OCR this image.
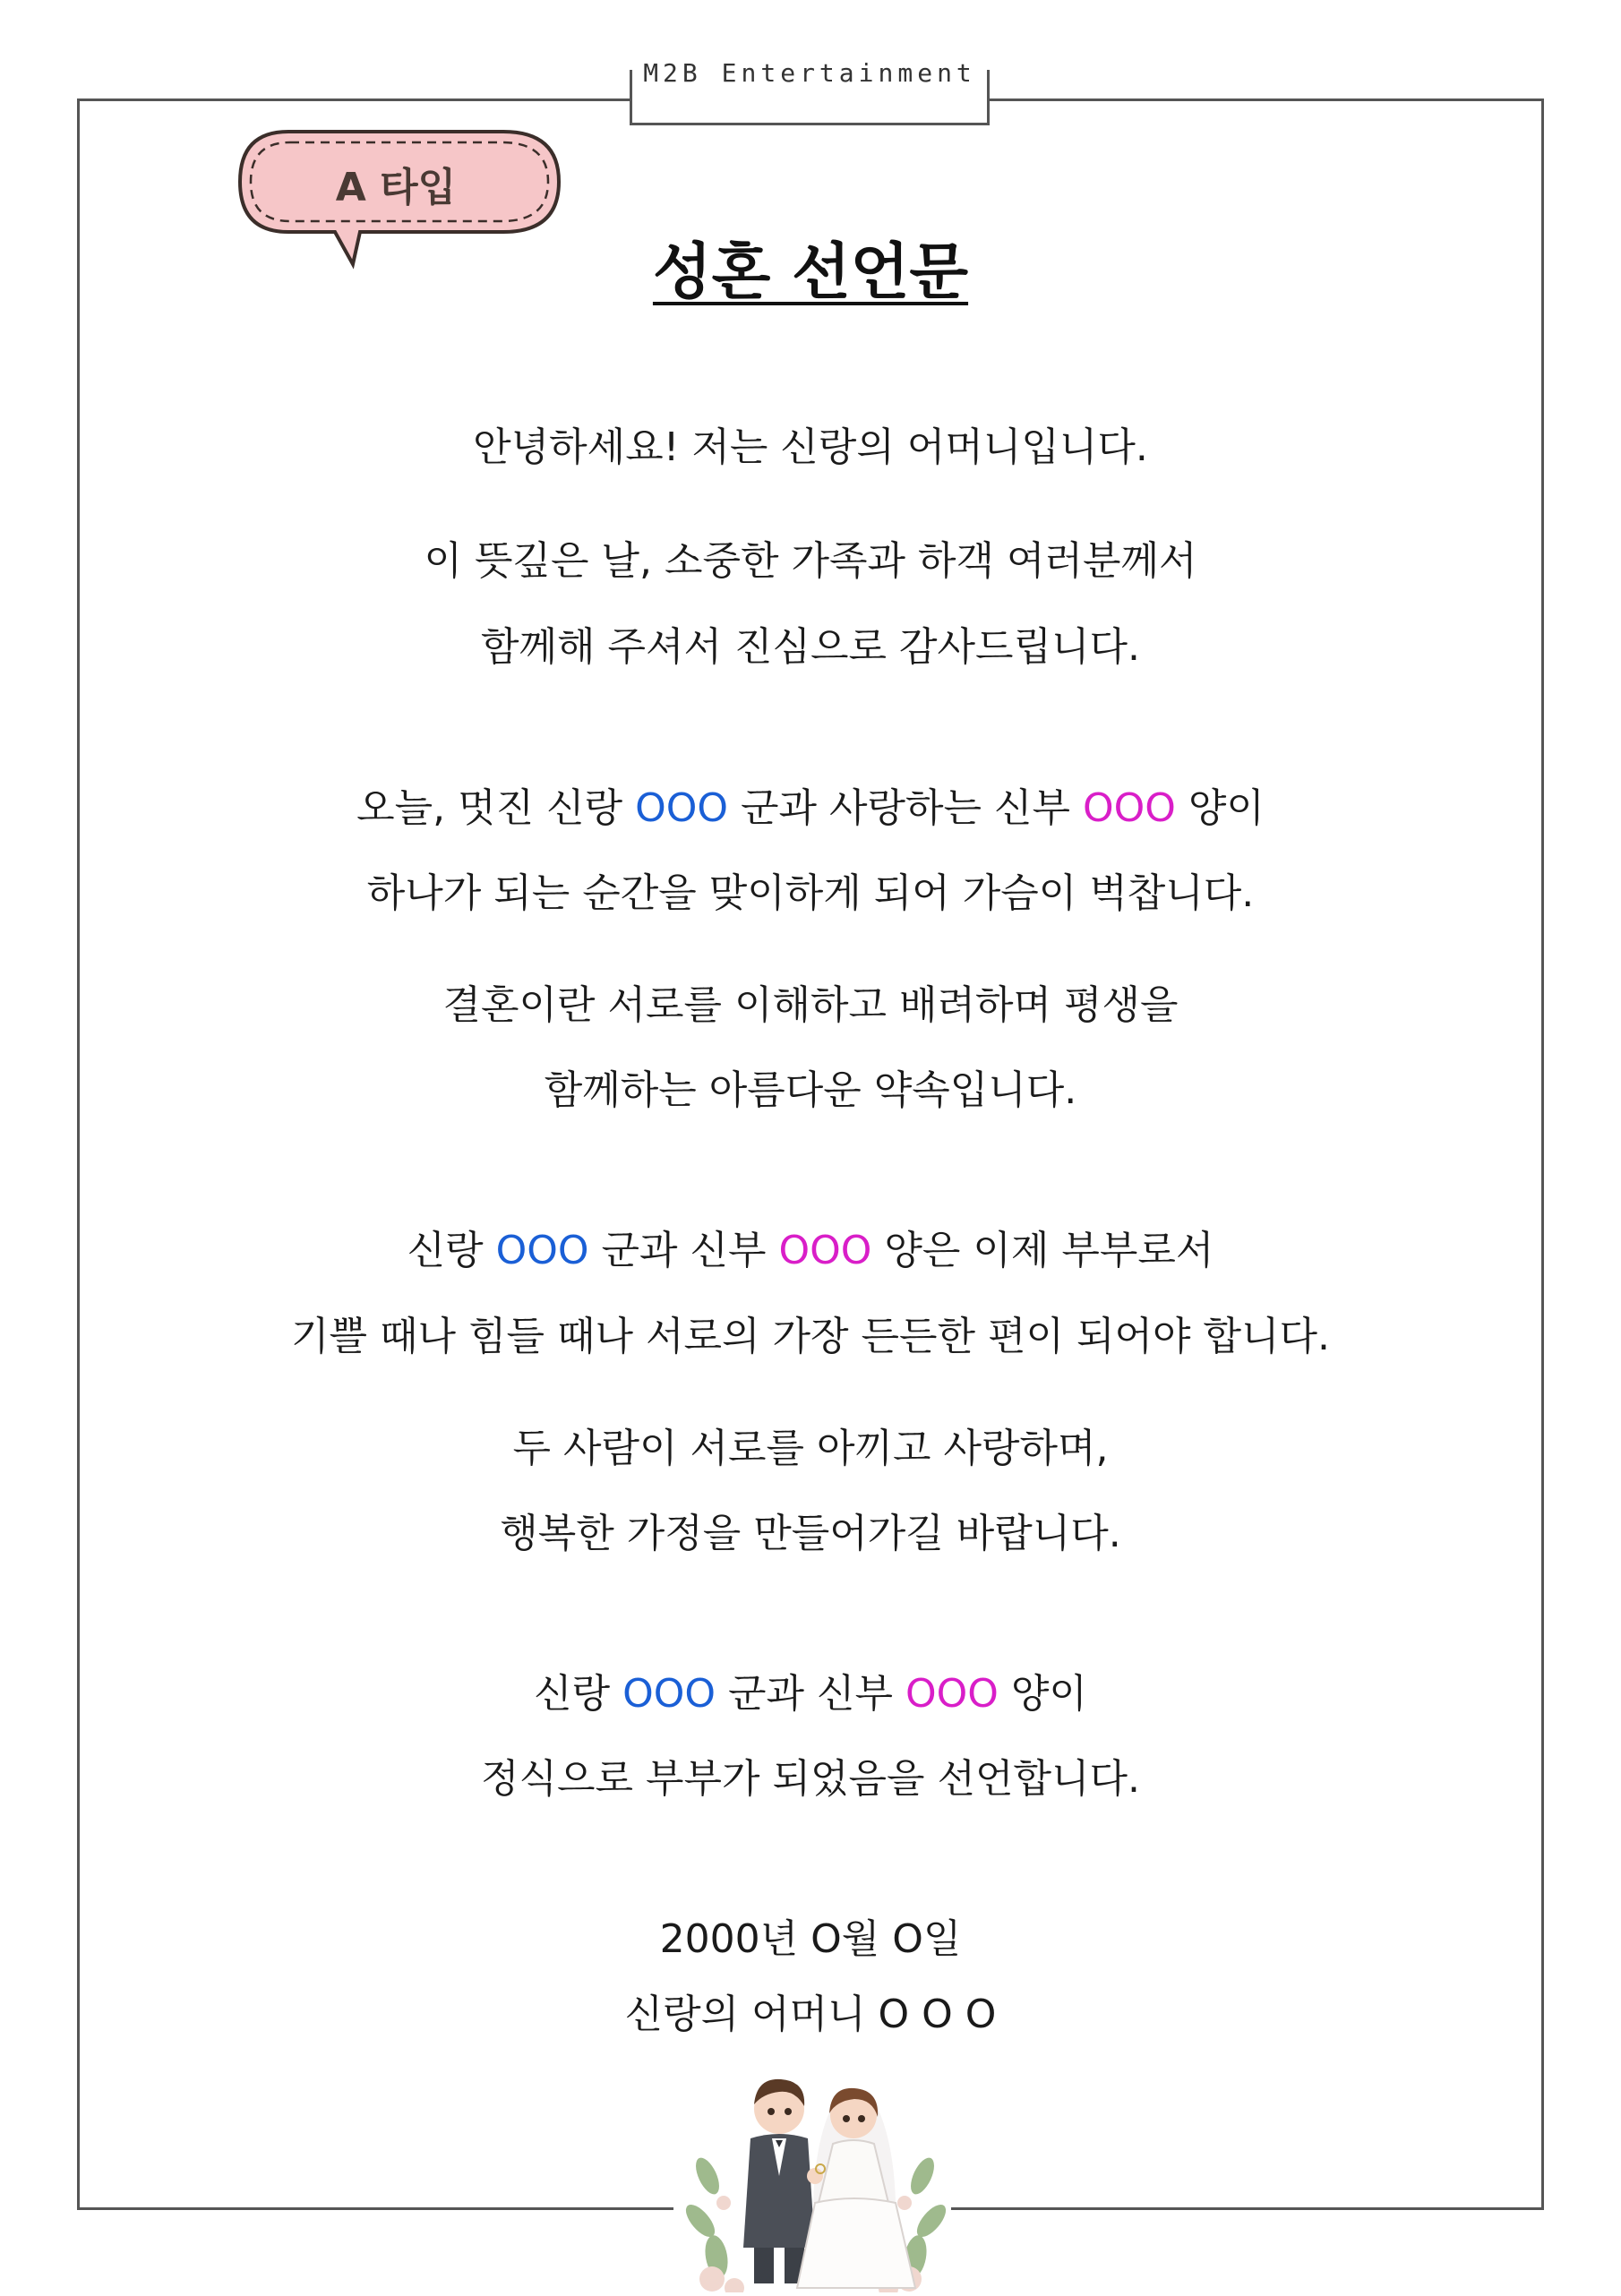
M2B Entertainment
A 타입
성혼 선언문
안녕하세요! 저는 신랑의 어머니입니다.
이 뜻깊은 날, 소중한 가족과 하객 여러분께서
함께해 주셔서 진심으로 감사드립니다.
오늘, 멋진 신랑 OOO 군과 사랑하는 신부 OOO 양이
하나가 되는 순간을 맞이하게 되어 가슴이 벅찹니다.
결혼이란 서로를 이해하고 배려하며 평생을
함께하는 아름다운 약속입니다.
신랑 OOO 군과 신부 OOO 양은 이제 부부로서
기쁠 때나 힘들 때나 서로의 가장 든든한 편이 되어야 합니다.
두 사람이 서로를 아끼고 사랑하며,
행복한 가정을 만들어가길 바랍니다.
신랑 OOO 군과 신부 OOO 양이
정식으로 부부가 되었음을 선언합니다.
2000년 O월 O일
신랑의 어머니 O O O
